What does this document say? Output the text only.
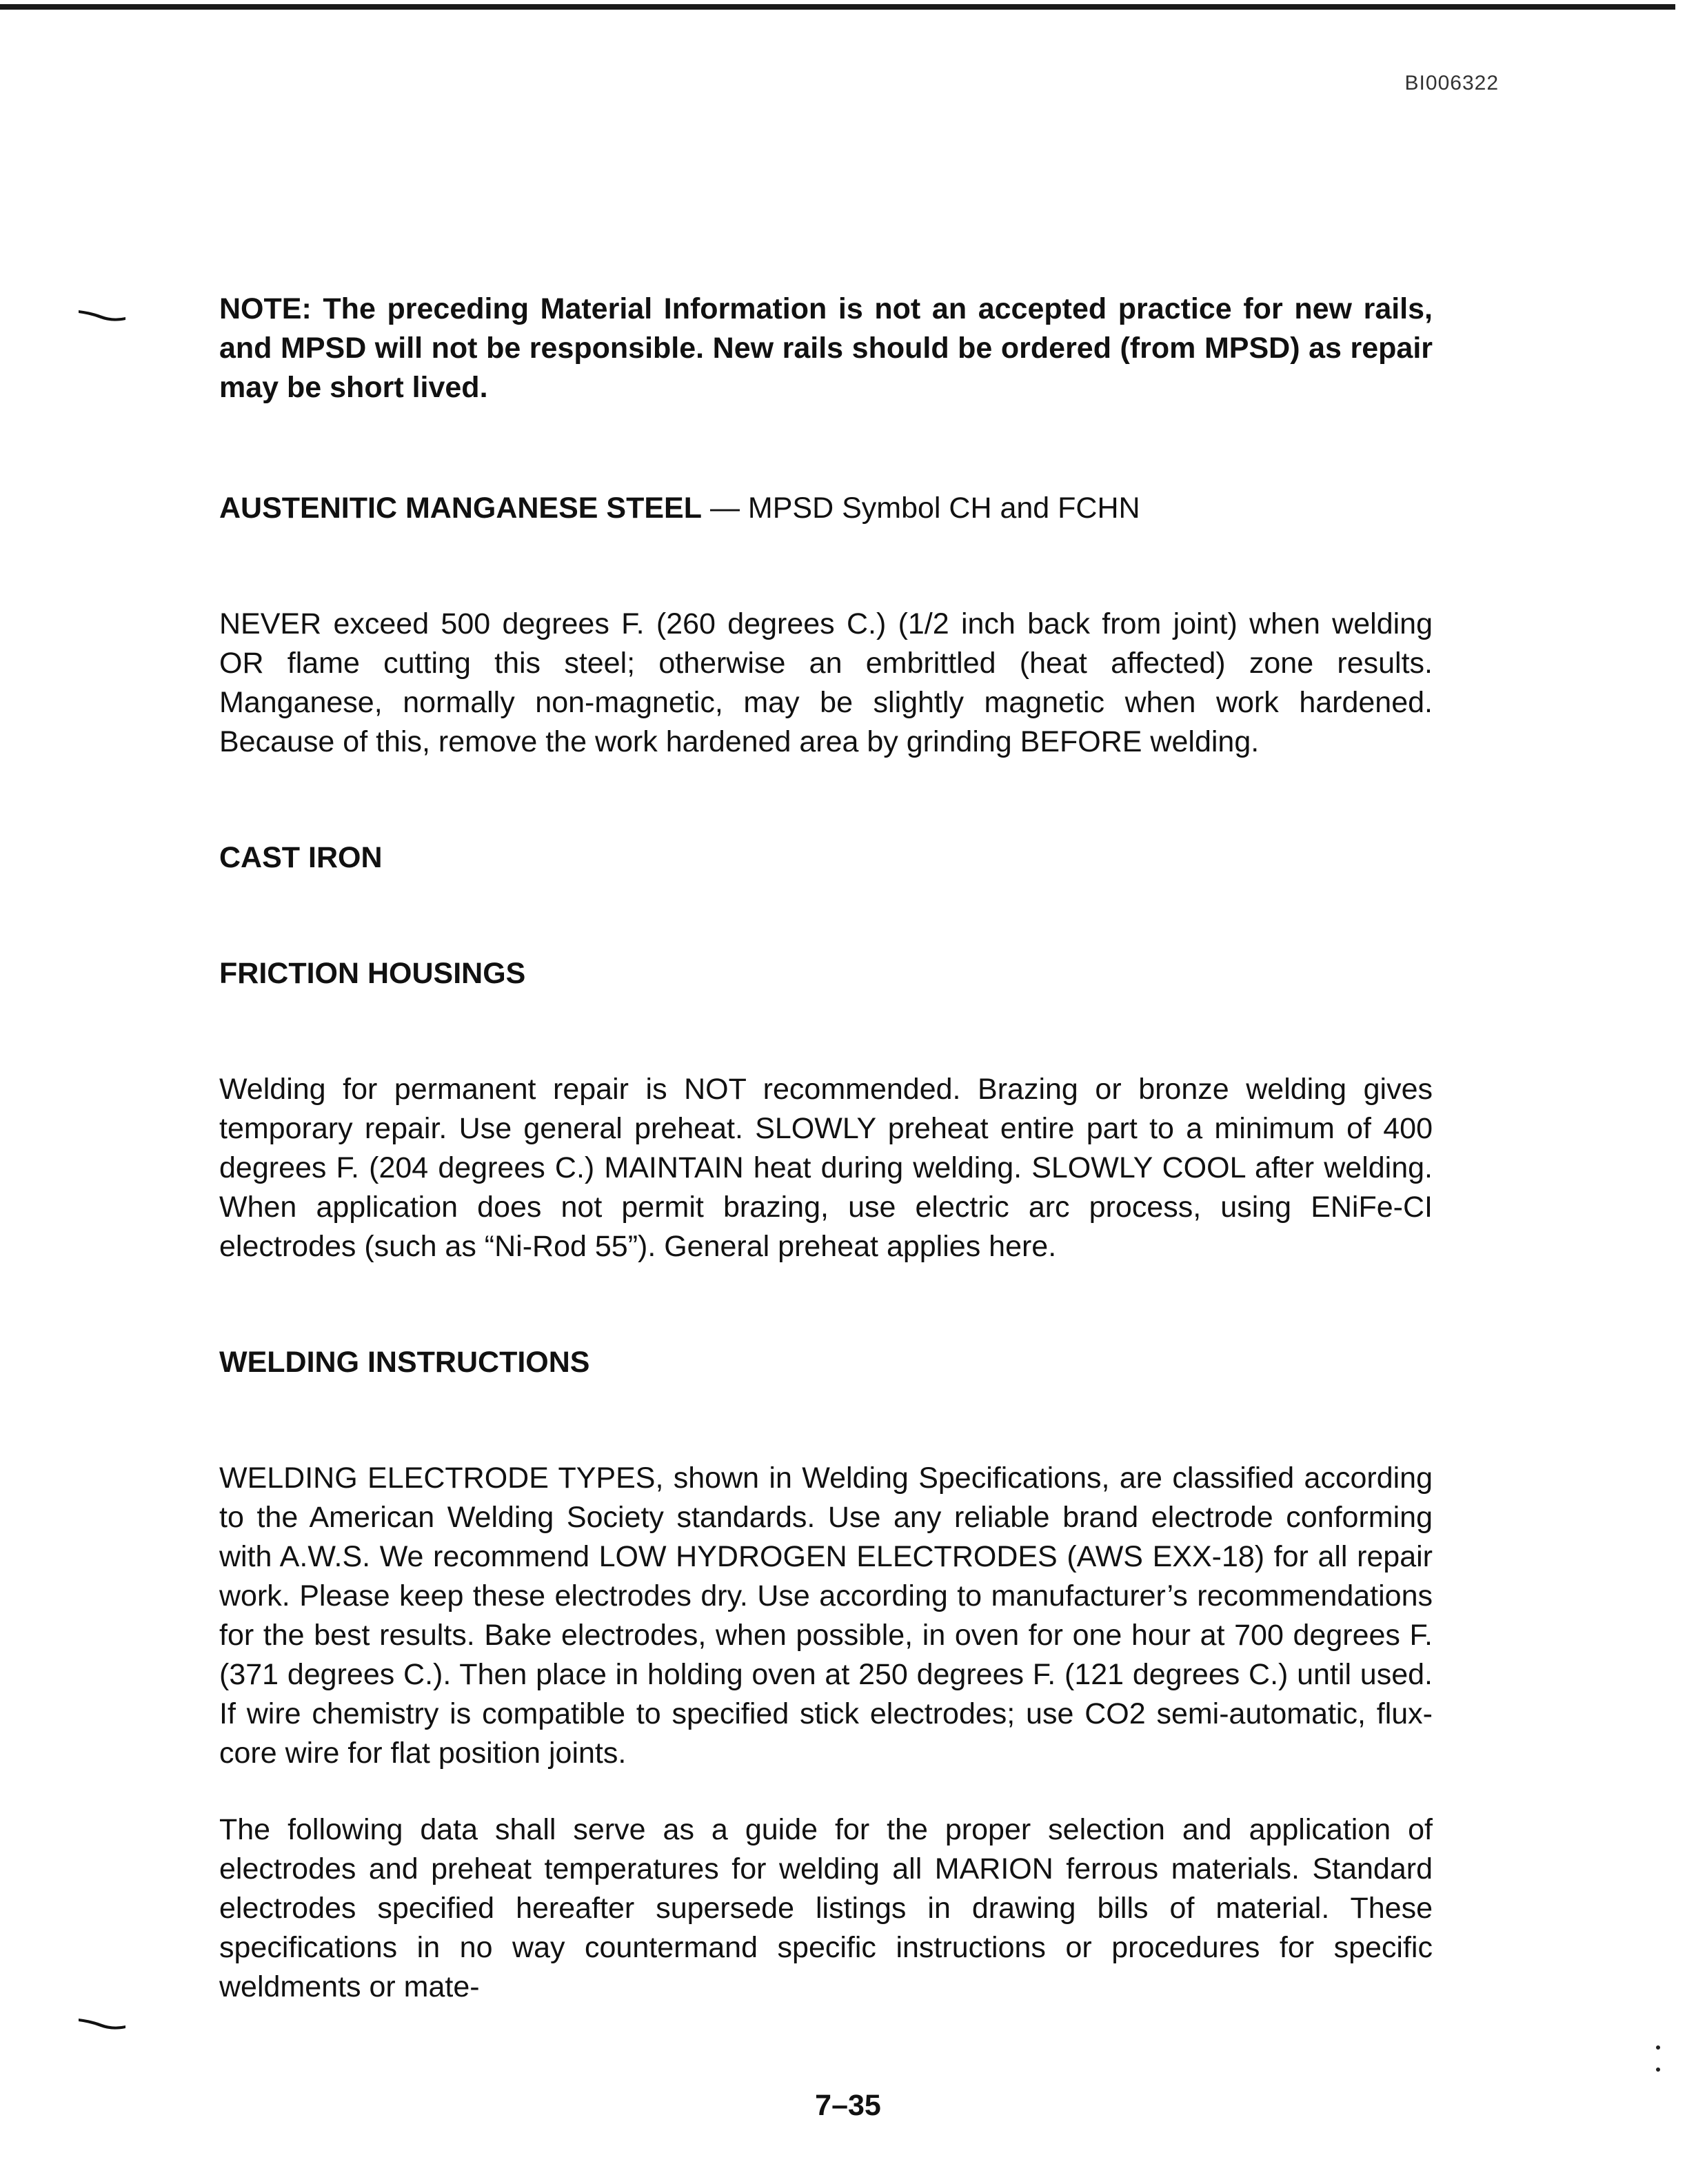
BI006322

NOTE: The preceding Material Information is not an accepted practice for new rails, and MPSD will not be responsible. New rails should be ordered (from MPSD) as repair may be short lived.

AUSTENITIC MANGANESE STEEL — MPSD Symbol CH and FCHN

NEVER exceed 500 degrees F. (260 degrees C.) (1/2 inch back from joint) when welding OR flame cutting this steel; otherwise an embrittled (heat affected) zone results. Manganese, normally non-magnetic, may be slightly magnetic when work hardened. Because of this, remove the work hardened area by grinding BEFORE welding.

CAST IRON

FRICTION HOUSINGS

Welding for permanent repair is NOT recommended. Brazing or bronze welding gives temporary repair. Use general preheat. SLOWLY preheat entire part to a minimum of 400 degrees F. (204 degrees C.) MAINTAIN heat during welding. SLOWLY COOL after welding. When application does not permit brazing, use electric arc process, using ENiFe-CI electrodes (such as “Ni-Rod 55”). General preheat applies here.

WELDING INSTRUCTIONS

WELDING ELECTRODE TYPES, shown in Welding Specifications, are classified according to the American Welding Society standards. Use any reliable brand electrode conforming with A.W.S. We recommend LOW HYDROGEN ELECTRODES (AWS EXX-18) for all repair work. Please keep these electrodes dry. Use according to manufacturer’s recommendations for the best results. Bake electrodes, when possible, in oven for one hour at 700 degrees F. (371 degrees C.). Then place in holding oven at 250 degrees F. (121 degrees C.) until used. If wire chemistry is compatible to specified stick electrodes; use CO2 semi-automatic, flux-core wire for flat position joints.

The following data shall serve as a guide for the proper selection and application of electrodes and preheat temperatures for welding all MARION ferrous materials. Standard electrodes specified hereafter supersede listings in drawing bills of material. These specifications in no way countermand specific instructions or procedures for specific weldments or mate-

7–35
